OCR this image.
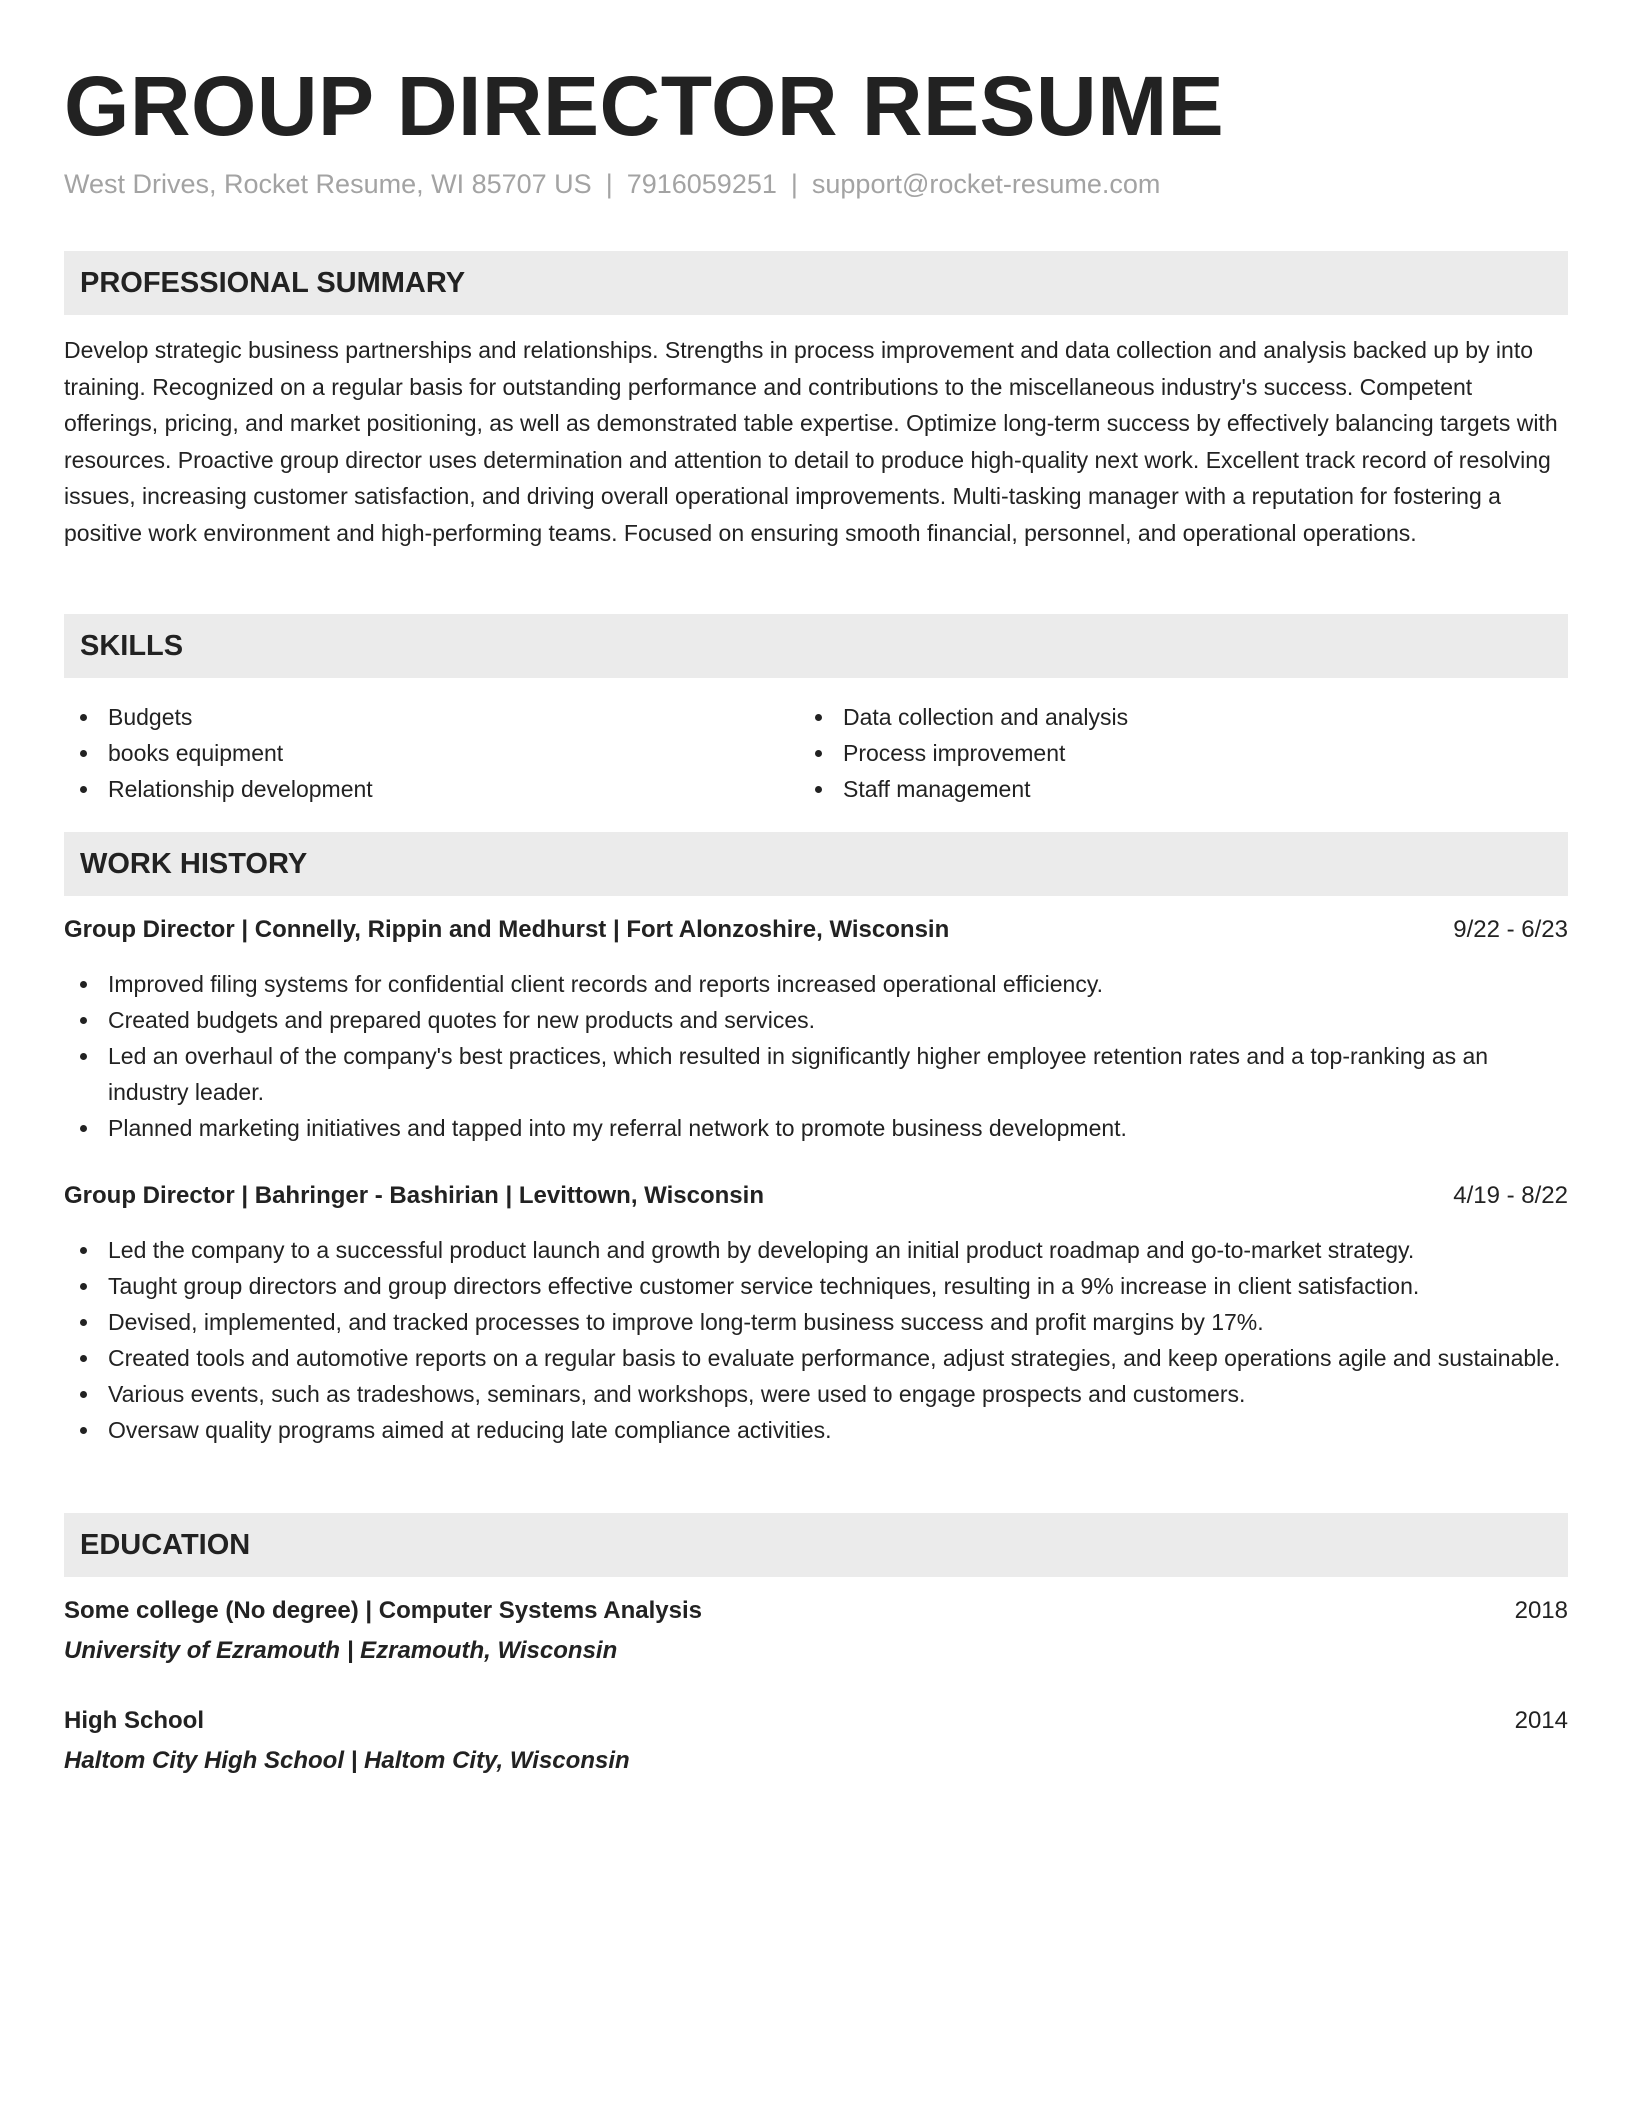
GROUP DIRECTOR RESUME
West Drives, Rocket Resume, WI 85707 US | 7916059251 | support@rocket-resume.com
PROFESSIONAL SUMMARY

Develop strategic business partnerships and relationships. Strengths in process improvement and data collection and analysis backed up by into training. Recognized on a regular basis for outstanding performance and contributions to the miscellaneous industry's success. Competent offerings, pricing, and market positioning, as well as demonstrated table expertise. Optimize long-term success by effectively balancing targets with resources. Proactive group director uses determination and attention to detail to produce high-quality next work. Excellent track record of resolving issues, increasing customer satisfaction, and driving overall operational improvements. Multi-tasking manager with a reputation for fostering a positive work environment and high-performing teams. Focused on ensuring smooth financial, personnel, and operational operations.

SKILLS
Budgets
books equipment
Relationship development
Data collection and analysis
Process improvement
Staff management
WORK HISTORY
Group Director | Connelly, Rippin and Medhurst | Fort Alonzoshire, Wisconsin	9/22 - 6/23
Improved filing systems for confidential client records and reports increased operational efficiency.
Created budgets and prepared quotes for new products and services.
Led an overhaul of the company's best practices, which resulted in significantly higher employee retention rates and a top-ranking as an industry leader.
Planned marketing initiatives and tapped into my referral network to promote business development.
Group Director | Bahringer - Bashirian | Levittown, Wisconsin	4/19 - 8/22
Led the company to a successful product launch and growth by developing an initial product roadmap and go-to-market strategy.
Taught group directors and group directors effective customer service techniques, resulting in a 9% increase in client satisfaction.
Devised, implemented, and tracked processes to improve long-term business success and profit margins by 17%.
Created tools and automotive reports on a regular basis to evaluate performance, adjust strategies, and keep operations agile and sustainable.
Various events, such as tradeshows, seminars, and workshops, were used to engage prospects and customers.
Oversaw quality programs aimed at reducing late compliance activities.
EDUCATION
Some college (No degree) | Computer Systems Analysis	2018
University of Ezramouth | Ezramouth, Wisconsin
High School	2014
Haltom City High School | Haltom City, Wisconsin
